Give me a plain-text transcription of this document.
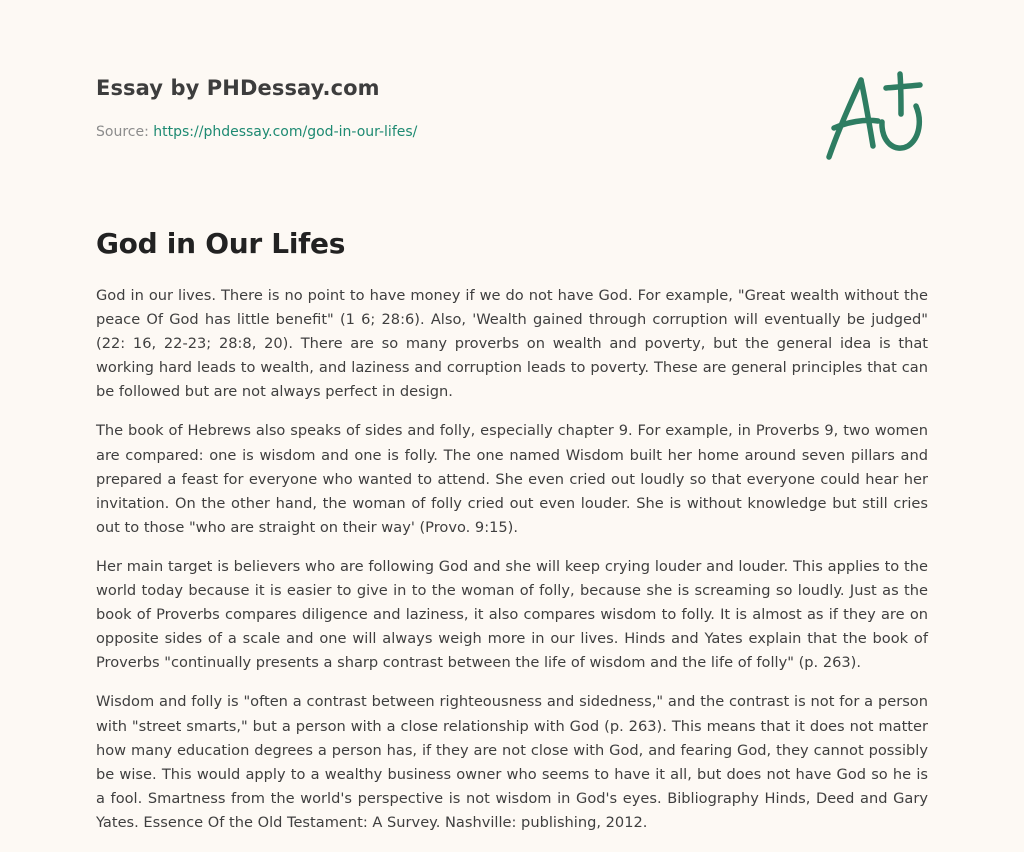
Essay by PHDessay.com
Source: https://phdessay.com/god-in-our-lifes/
God in Our Lifes

God in our lives. There is no point to have money if we do not have God. For example, "Great wealth without the peace Of God has little benefit" (1 6; 28:6). Also, 'Wealth gained through corruption will eventually be judged" (22: 16, 22-23; 28:8, 20). There are so many proverbs on wealth and poverty, but the general idea is that working hard leads to wealth, and laziness and corruption leads to poverty. These are general principles that can be followed but are not always perfect in design.

The book of Hebrews also speaks of sides and folly, especially chapter 9. For example, in Proverbs 9, two women are compared: one is wisdom and one is folly. The one named Wisdom built her home around seven pillars and prepared a feast for everyone who wanted to attend. She even cried out loudly so that everyone could hear her invitation. On the other hand, the woman of folly cried out even louder. She is without knowledge but still cries out to those "who are straight on their way' (Provo. 9:15).

Her main target is believers who are following God and she will keep crying louder and louder. This applies to the world today because it is easier to give in to the woman of folly, because she is screaming so loudly. Just as the book of Proverbs compares diligence and laziness, it also compares wisdom to folly. It is almost as if they are on opposite sides of a scale and one will always weigh more in our lives. Hinds and Yates explain that the book of Proverbs "continually presents a sharp contrast between the life of wisdom and the life of folly" (p. 263).

Wisdom and folly is "often a contrast between righteousness and sidedness," and the contrast is not for a person with "street smarts," but a person with a close relationship with God (p. 263). This means that it does not matter how many education degrees a person has, if they are not close with God, and fearing God, they cannot possibly be wise. This would apply to a wealthy business owner who seems to have it all, but does not have God so he is a fool. Smartness from the world's perspective is not wisdom in God's eyes. Bibliography Hinds, Deed and Gary Yates. Essence Of the Old Testament: A Survey. Nashville: publishing, 2012.
